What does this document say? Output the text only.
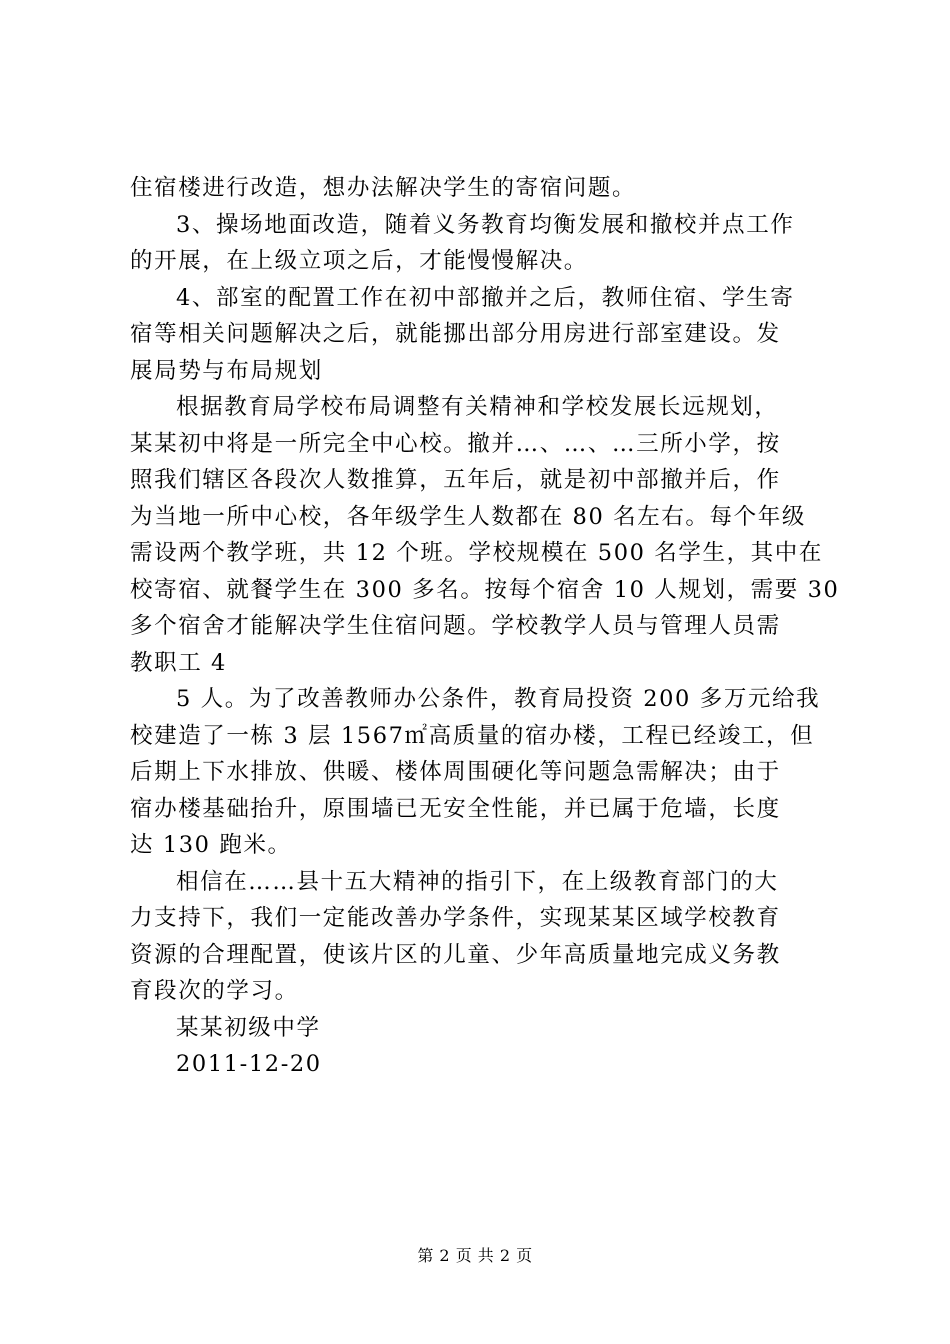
住宿楼进行改造，想办法解决学生的寄宿问题。
3、操场地面改造，随着义务教育均衡发展和撤校并点工作
的开展，在上级立项之后，才能慢慢解决。
4、部室的配置工作在初中部撤并之后，教师住宿、学生寄
宿等相关问题解决之后，就能挪出部分用房进行部室建设。发
展局势与布局规划
根据教育局学校布局调整有关精神和学校发展长远规划，
某某初中将是一所完全中心校。撤并…、…、…三所小学，按
照我们辖区各段次人数推算，五年后，就是初中部撤并后，作
为当地一所中心校，各年级学生人数都在 80 名左右。每个年级
需设两个教学班，共 12 个班。学校规模在 500 名学生，其中在
校寄宿、就餐学生在 300 多名。按每个宿舍 10 人规划，需要 30
多个宿舍才能解决学生住宿问题。学校教学人员与管理人员需
教职工 4
5 人。为了改善教师办公条件，教育局投资 200 多万元给我
校建造了一栋 3 层 1567㎡高质量的宿办楼，工程已经竣工，但
后期上下水排放、供暖、楼体周围硬化等问题急需解决；由于
宿办楼基础抬升，原围墙已无安全性能，并已属于危墙，长度
达 130 跑米。
相信在……县十五大精神的指引下，在上级教育部门的大
力支持下，我们一定能改善办学条件，实现某某区域学校教育
资源的合理配置，使该片区的儿童、少年高质量地完成义务教
育段次的学习。
某某初级中学
2011-12-20
第 2 页 共 2 页
